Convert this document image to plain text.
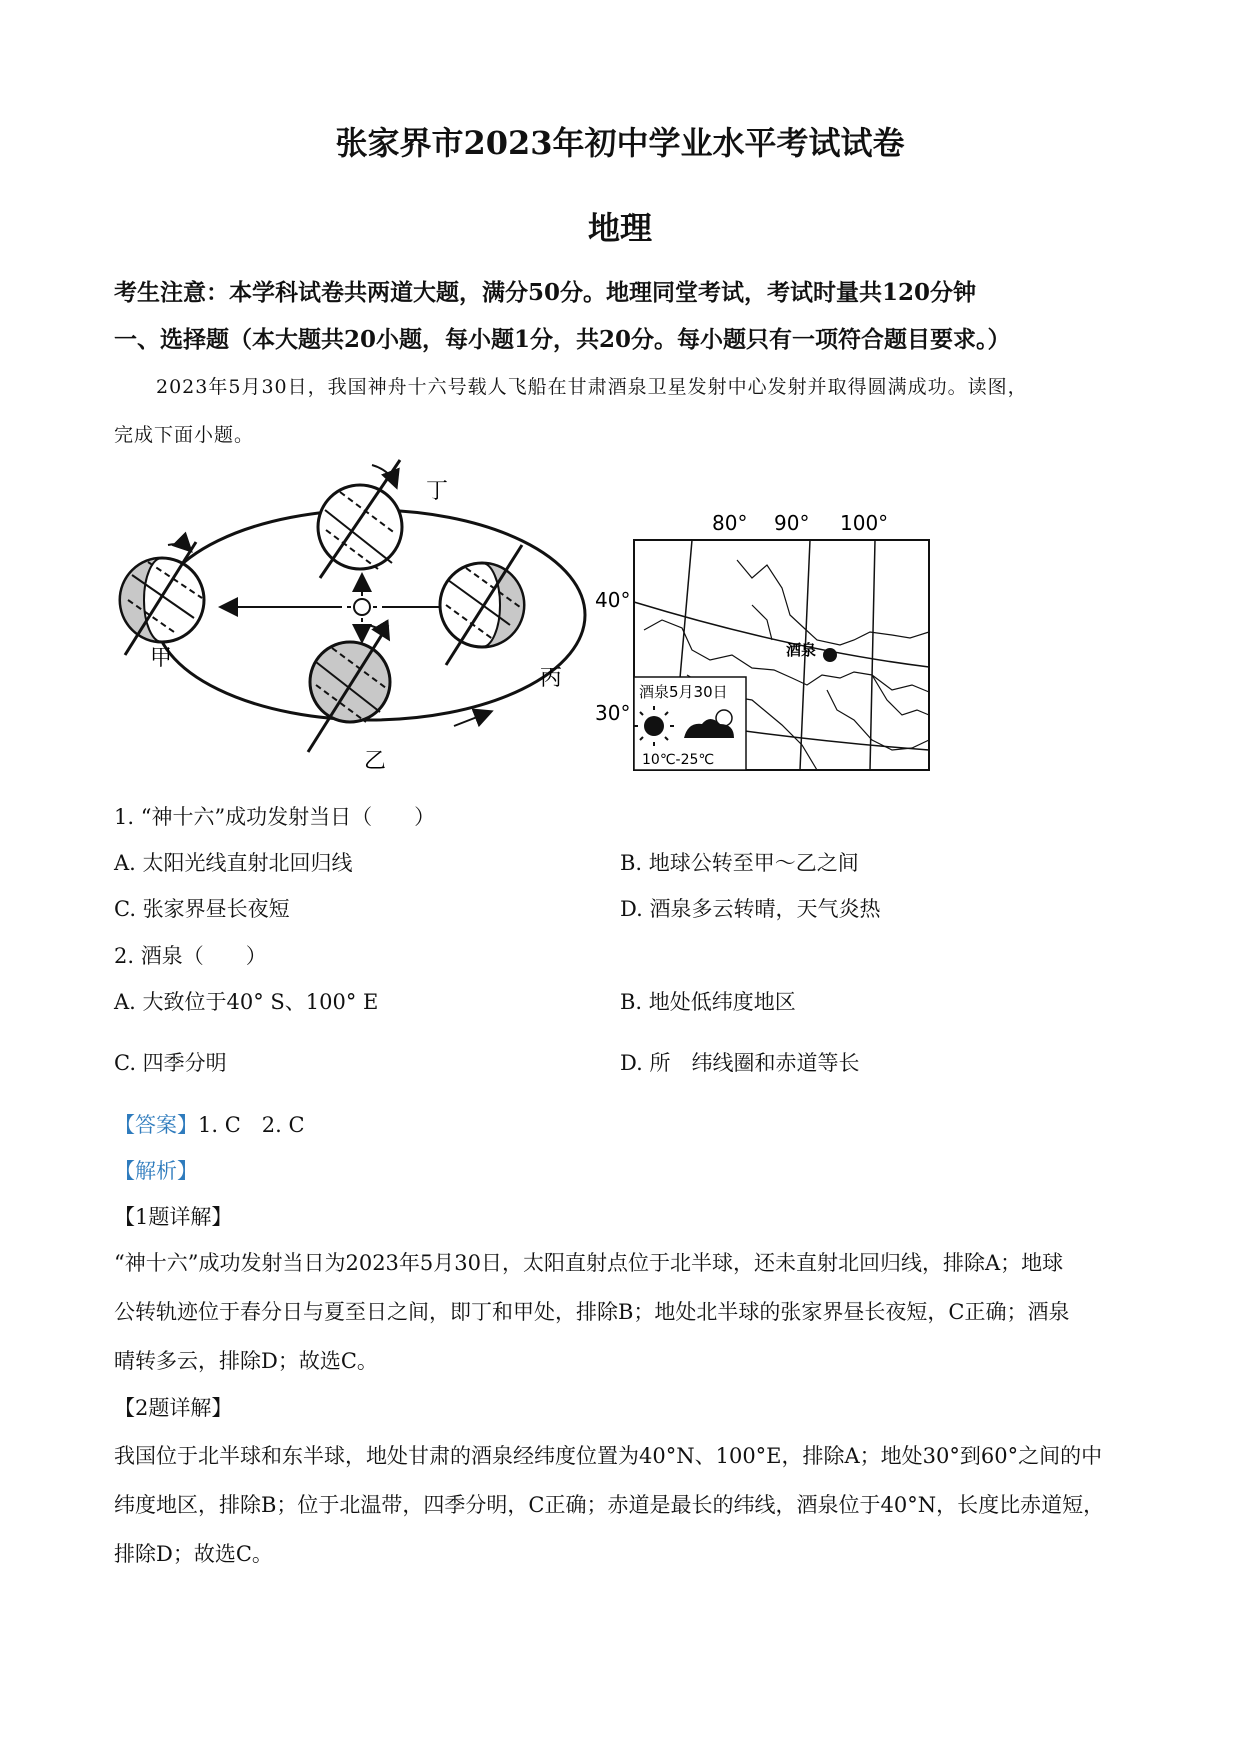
张家界市2023年初中学业水平考试试卷
地理
考生注意：本学科试卷共两道大题，满分50分。地理同堂考试，考试时量共120分钟
一、选择题（本大题共20小题，每小题1分，共20分。每小题只有一项符合题目要求。）
2023年5月30日，我国神舟十六号载人飞船在甘肃酒泉卫星发射中心发射并取得圆满成功。读图，
完成下面小题。
丁
甲
丙
乙
80° 90° 100°
40°
30°
酒泉
酒泉5月30日
10℃-25℃
1. “神十六”成功发射当日（　　）
A. 太阳光线直射北回归线	B. 地球公转至甲～乙之间
C. 张家界昼长夜短	D. 酒泉多云转晴，天气炎热
2. 酒泉（　　）
A. 大致位于40° S、100° E	B. 地处低纬度地区
C. 四季分明	D. 所　纬线圈和赤道等长
【答案】1. C　2. C
【解析】
【1题详解】
“神十六”成功发射当日为2023年5月30日，太阳直射点位于北半球，还未直射北回归线，排除A；地球
公转轨迹位于春分日与夏至日之间，即丁和甲处，排除B；地处北半球的张家界昼长夜短，C正确；酒泉
晴转多云，排除D；故选C。
【2题详解】
我国位于北半球和东半球，地处甘肃的酒泉经纬度位置为40°N、100°E，排除A；地处30°到60°之间的中
纬度地区，排除B；位于北温带，四季分明，C正确；赤道是最长的纬线，酒泉位于40°N，长度比赤道短，
排除D；故选C。
